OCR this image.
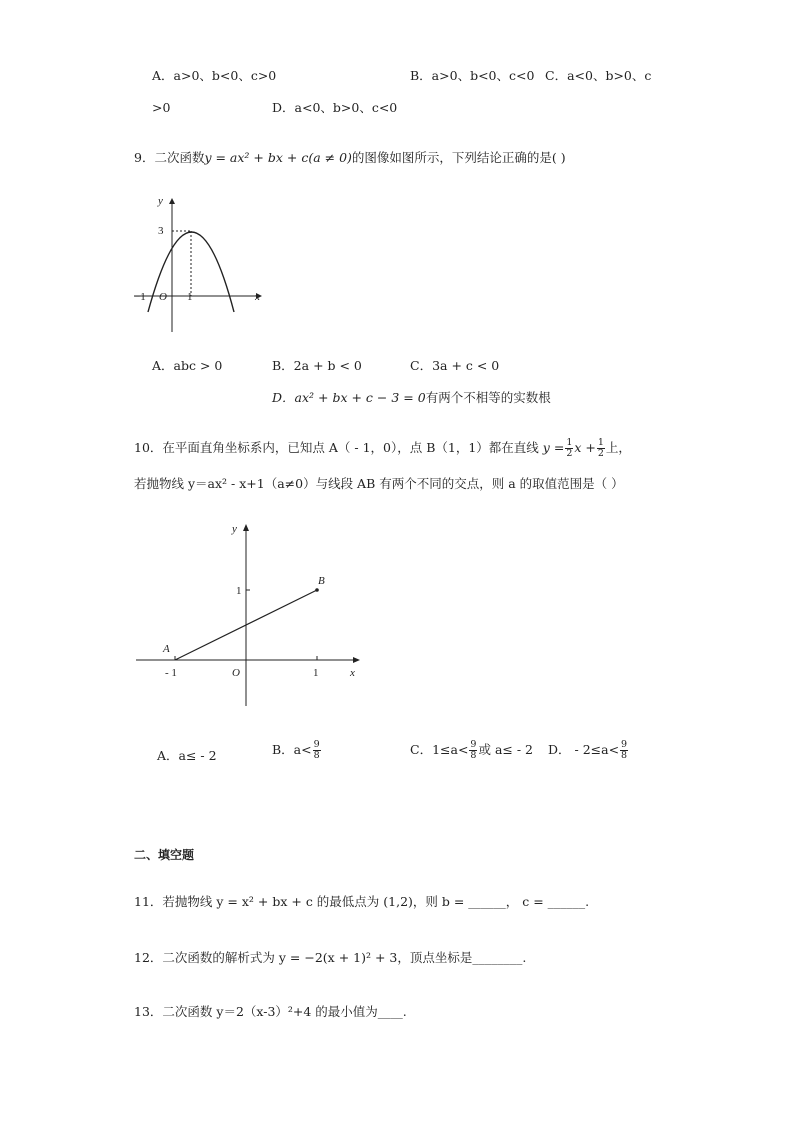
A．a>0、b<0、c>0	B．a>0、b<0、c<0 C．a<0、b>0、c
>0	D．a<0、b>0、c<0
9．二次函数y = ax² + bx + c(a ≠ 0)的图像如图所示，下列结论正确的是( )
y
3
−1 O 1	x
A．abc > 0	B．2a + b < 0	C．3a + c < 0
D．ax² + bx + c − 3 = 0有两个不相等的实数根
10．在平面直角坐标系内，已知点 A（ - 1，0），点 B（1，1）都在直线 $y = \frac{1}{2}$ $x + \frac{1}{2}$ 上，
若抛物线 y＝ax² - x+1（a≠0）与线段 AB 有两个不同的交点，则 a 的取值范围是（ ）
y
B
1
A
- 1	O	1	x
A．a≤ - 2	B．$a< \frac{9}{8}$	C．$1\le a< \frac{9}{8}$ 或 a≤ - 2 D． - $2\le a< \frac{9}{8}$
二、填空题
11．若抛物线 y = x² + bx + c 的最低点为 (1,2)，则 b = ______， c = ______.
12．二次函数的解析式为 y = −2(x + 1)² + 3，顶点坐标是________.
13．二次函数 y＝2（x-3）²+4 的最小值为____.
